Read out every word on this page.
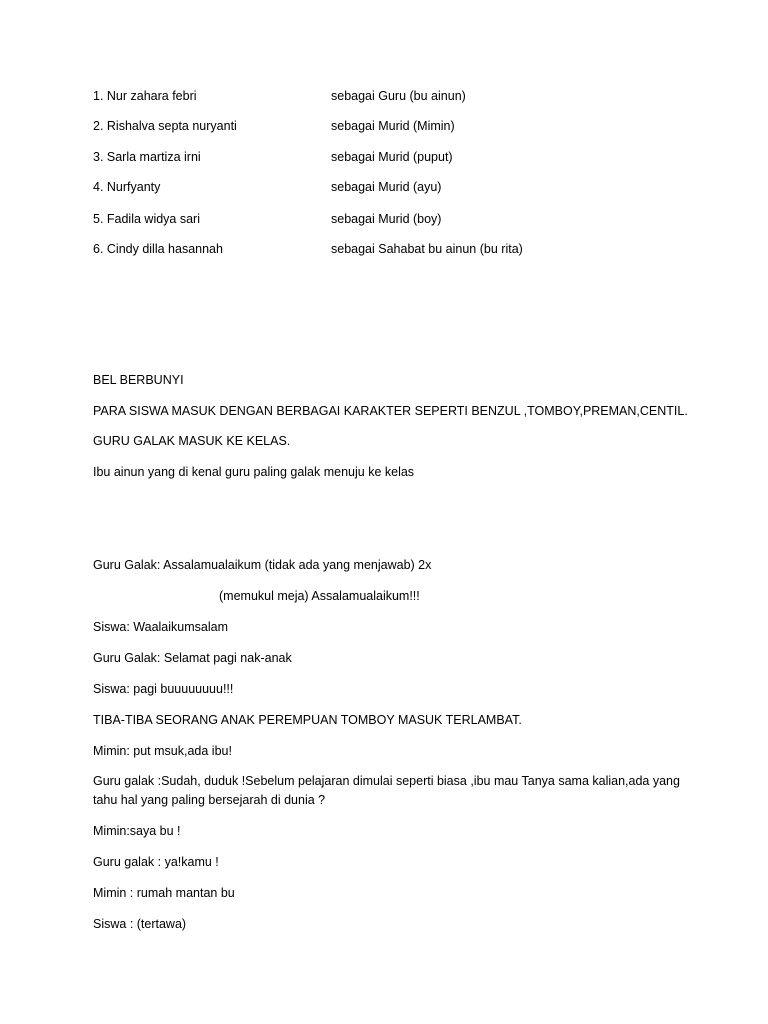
1. Nur zahara febri	sebagai Guru (bu ainun)
2. Rishalva septa nuryanti	sebagai Murid (Mimin)
3. Sarla martiza irni	sebagai Murid (puput)
4. Nurfyanty	sebagai Murid (ayu)
5. Fadila widya sari	sebagai Murid (boy)
6. Cindy dilla hasannah	sebagai Sahabat bu ainun (bu rita)
BEL BERBUNYI
PARA SISWA MASUK DENGAN BERBAGAI KARAKTER SEPERTI BENZUL ,TOMBOY,PREMAN,CENTIL.
GURU GALAK MASUK KE KELAS.
Ibu ainun yang di kenal guru paling galak menuju ke kelas
Guru Galak: Assalamualaikum (tidak ada yang menjawab) 2x
(memukul meja) Assalamualaikum!!!
Siswa: Waalaikumsalam
Guru Galak: Selamat pagi nak-anak
Siswa: pagi buuuuuuuu!!!
TIBA-TIBA SEORANG ANAK PEREMPUAN TOMBOY MASUK TERLAMBAT.
Mimin: put msuk,ada ibu!
Guru galak :Sudah, duduk !Sebelum pelajaran dimulai seperti biasa ,ibu mau Tanya sama kalian,ada yang tahu hal yang paling bersejarah di dunia ?
Mimin:saya bu !
Guru galak : ya!kamu !
Mimin : rumah mantan bu
Siswa : (tertawa)
